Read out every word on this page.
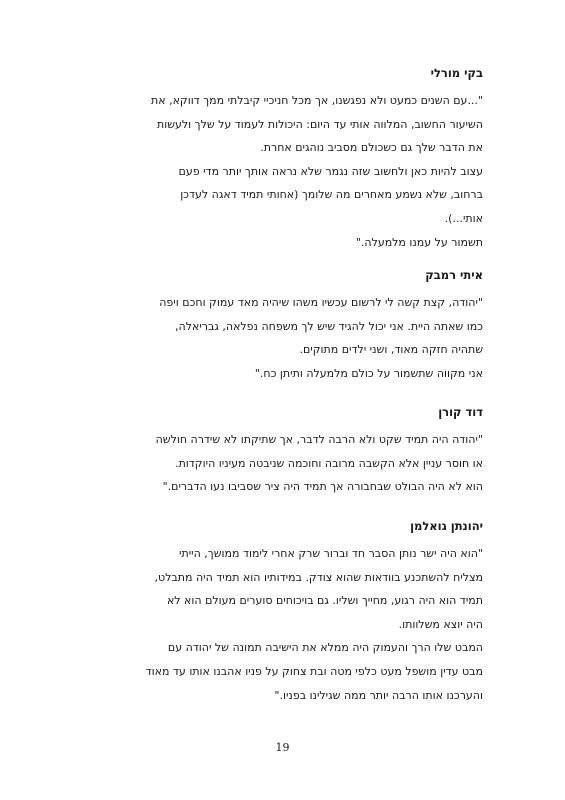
בקי מורלי
"...עם השנים כמעט ולא נפגשנו, אך מכל חניכיי קיבלתי ממך דווקא, את
השיעור החשוב, המלווה אותי עד היום: היכולות לעמוד על שלך ולעשות
את הדבר שלך גם כשכולם מסביב נוהגים אחרת.
עצוב להיות כאן ולחשוב שזה נגמר שלא נראה אותך יותר מדי פעם
ברחוב, שלא נשמע מאחרים מה שלומך (אחותי תמיד דאגה לעדכן
אותי...).
תשמור על עמנו מלמעלה."
איתי רמבק
"יהודה, קצת קשה לי לרשום עכשיו משהו שיהיה מאד עמוק וחכם ויפה
כמו שאתה היית. אני יכול להגיד שיש לך משפחה נפלאה, גבריאלה,
שתהיה חזקה מאוד, ושני ילדים מתוקים.
אני מקווה שתשמור על כולם מלמעלה ותיתן כח."
דוד קורן
"יהודה היה תמיד שקט ולא הרבה לדבר, אך שתיקתו לא שידרה חולשה
או חוסר עניין אלא הקשבה מרובה וחוכמה שניבטה מעיניו היוקדות.
הוא לא היה הבולט שבחבורה אך תמיד היה ציר שסביבו נעו הדברים."
יהונתן גואלמן
"הוא היה ישר נותן הסבר חד וברור שרק אחרי לימוד ממושך, הייתי
מצליח להשתכנע בוודאות שהוא צודק. במידותיו הוא תמיד היה מתבלט,
תמיד הוא היה רגוע, מחייך ושליו. גם בויכוחים סוערים מעולם הוא לא
היה יוצא משלוותו.
המבט שלו הרך והעמוק היה ממלא את הישיבה תמונה של יהודה עם
מבט עדין מושפל מעט כלפי מטה ובת צחוק על פניו אהבנו אותו עד מאוד
והערכנו אותו הרבה יותר ממה שגילינו בפניו."
19
